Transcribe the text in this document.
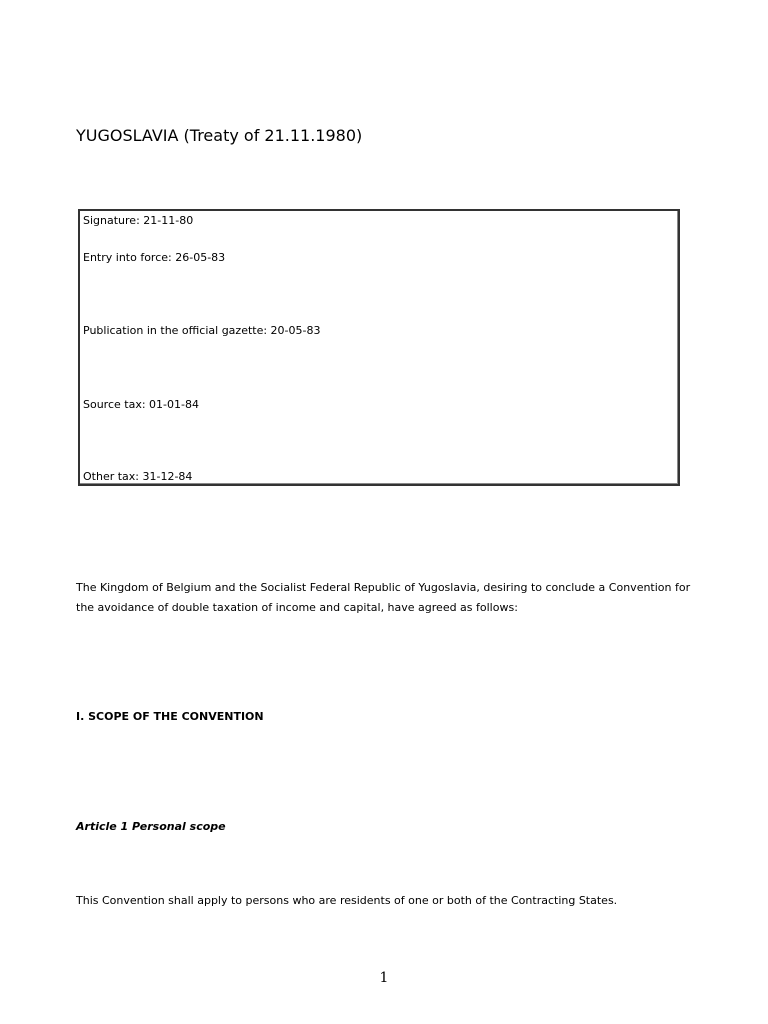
YUGOSLAVIA (Treaty of 21.11.1980)
Signature: 21-11-80
Entry into force: 26-05-83
Publication in the official gazette: 20-05-83
Source tax: 01-01-84
Other tax: 31-12-84

The Kingdom of Belgium and the Socialist Federal Republic of Yugoslavia, desiring to conclude a Convention for the avoidance of double taxation of income and capital, have agreed as follows:

I. SCOPE OF THE CONVENTION
Article 1 Personal scope

This Convention shall apply to persons who are residents of one or both of the Contracting States.

1
